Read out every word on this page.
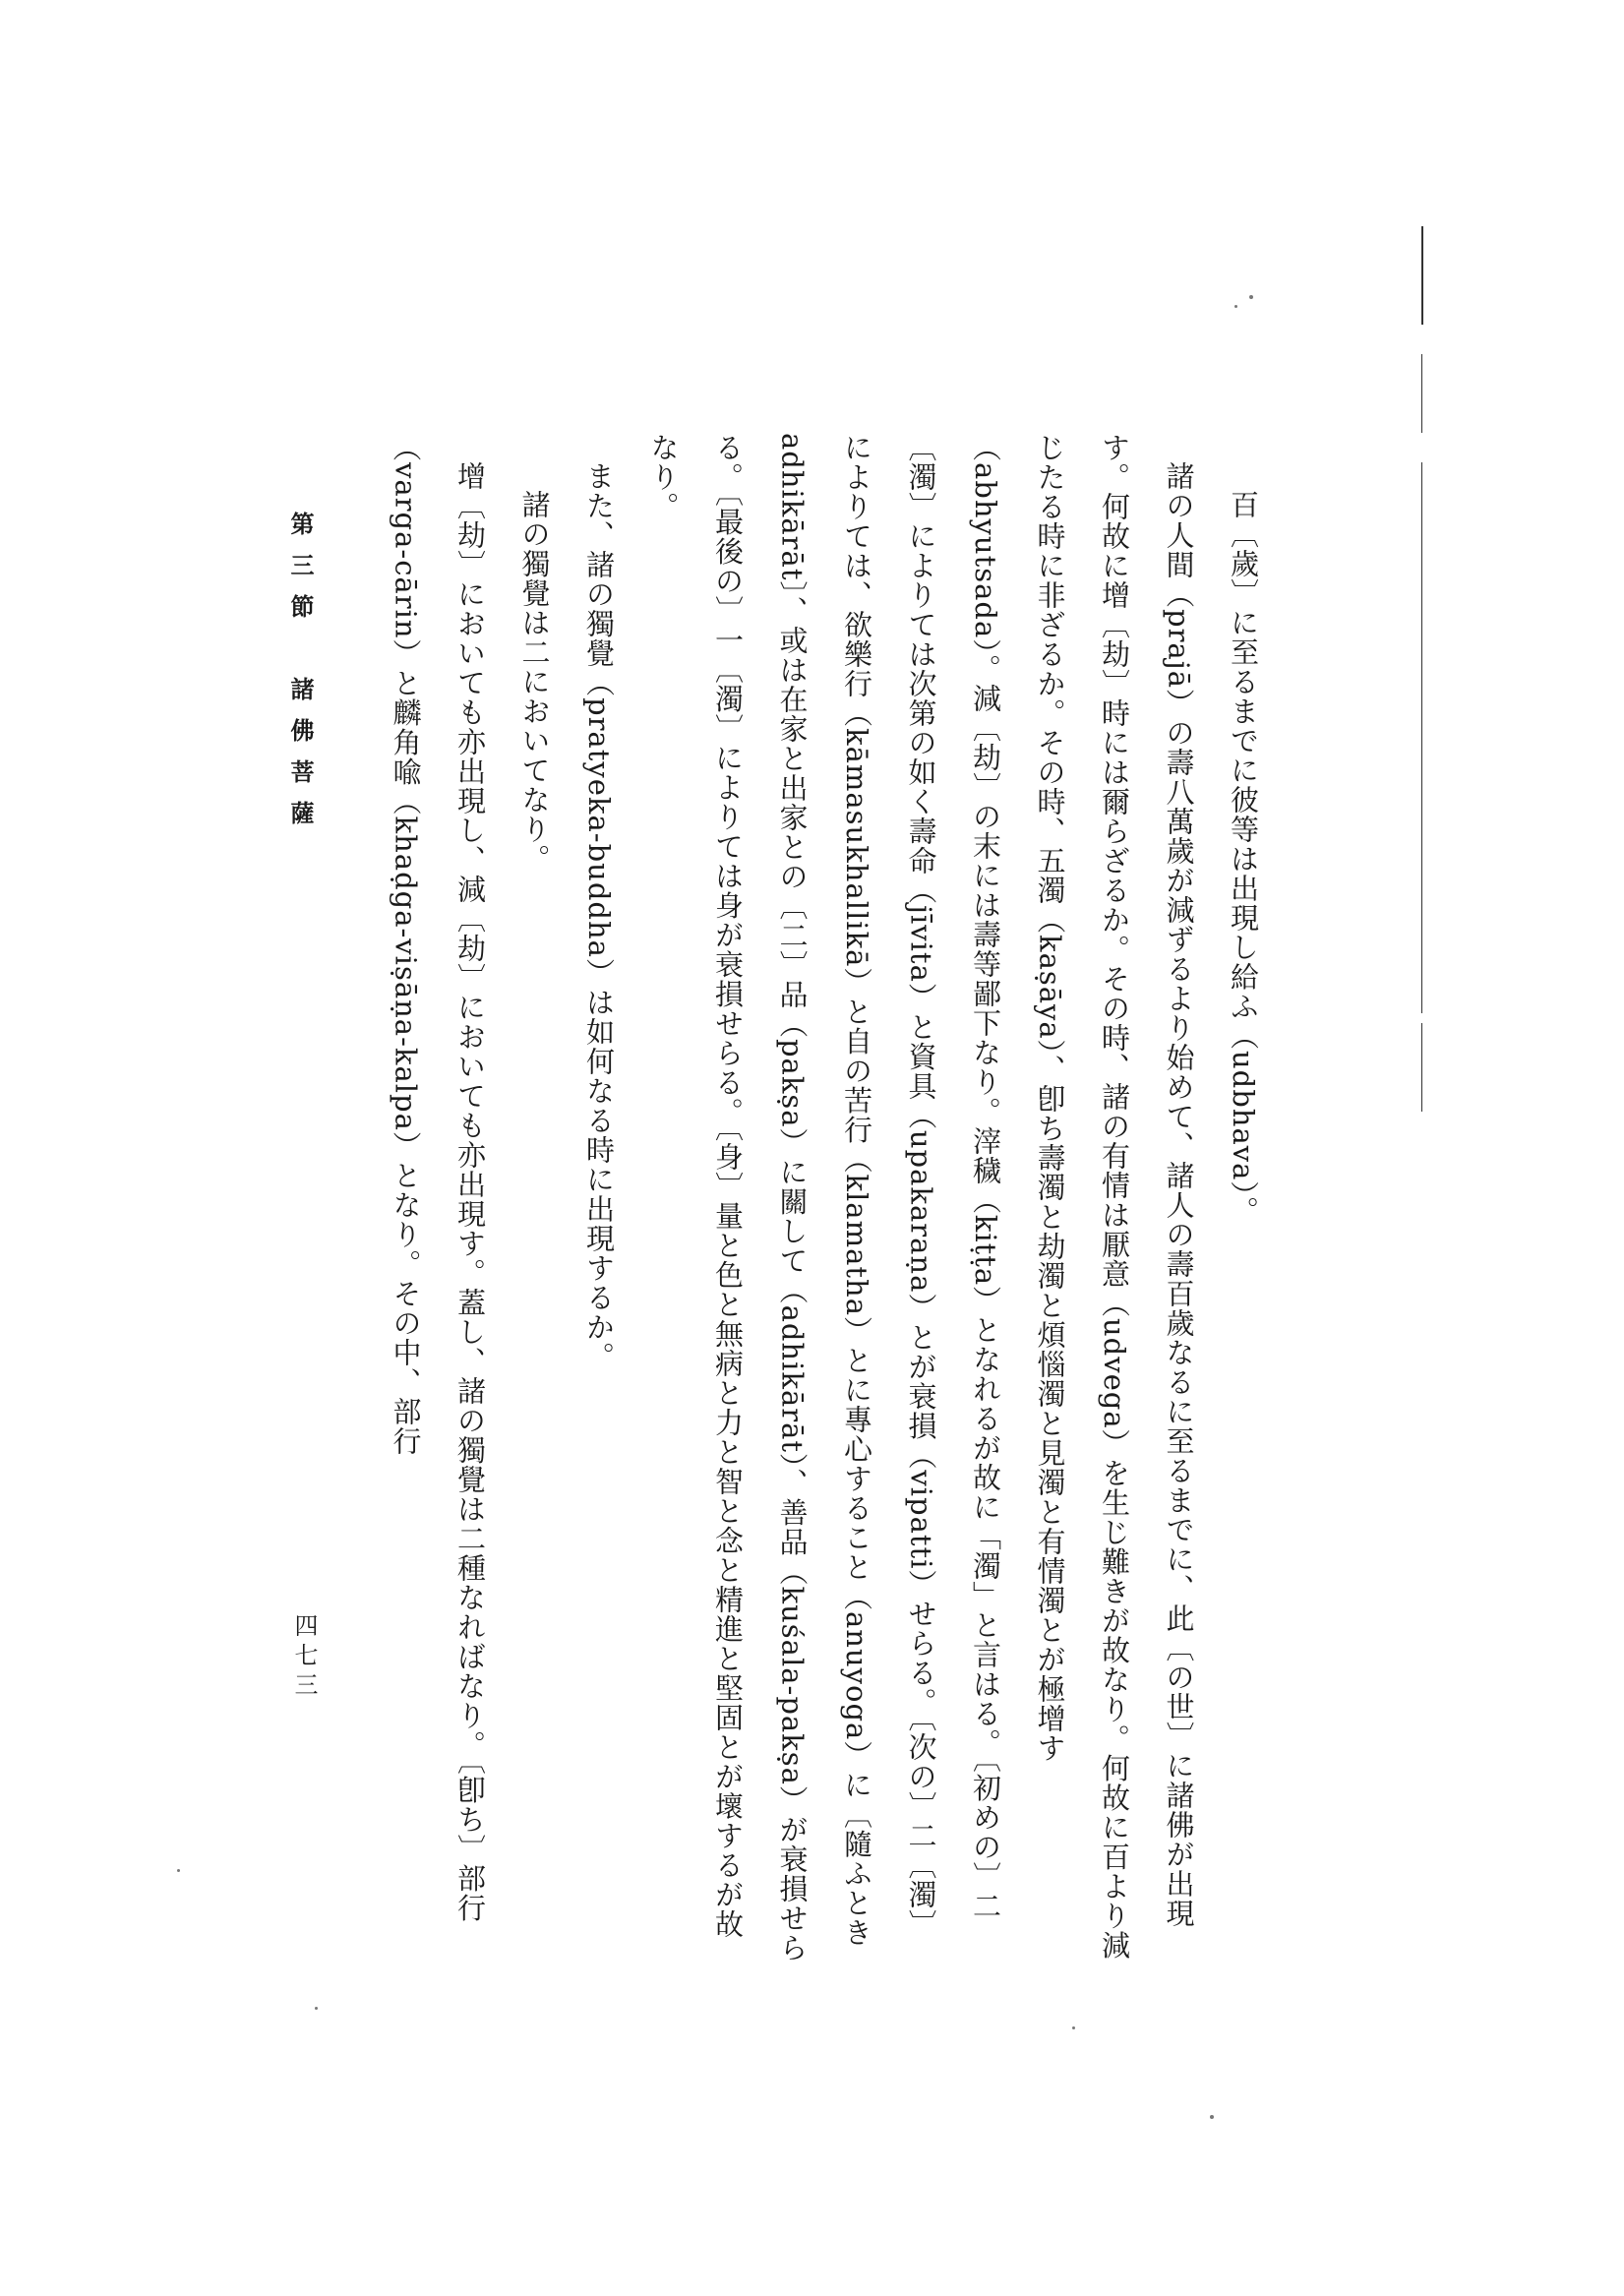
百〔歲〕に至るまでに彼等は出現し給ふ（udbhava）。

諸の人間（prajā）の壽八萬歲が減ずるより始めて、諸人の壽百歲なるに至るまでに、此〔の世〕に諸佛が出現す。何故に增〔劫〕時には爾らざるか。その時、諸の有情は厭意（udvega）を生じ難きが故なり。何故に百より減じたる時に非ざるか。その時、五濁（kaṣāya）、卽ち壽濁と劫濁と煩惱濁と見濁と有情濁とが極增す（abhyutsada）。減〔劫〕の末には壽等鄙下なり。滓穢（kiṭṭa）となれるが故に「濁」と言はる。〔初めの〕二〔濁〕によりては次第の如く壽命（jīvita）と資具（upakaraṇa）とが衰損（vipatti）せらる。〔次の〕二〔濁〕によりては、欲樂行（kāmasukhallikā）と自の苦行（klamatha）とに專心すること（anuyoga）に〔隨ふとき adhikārāt〕、或は在家と出家との〔二〕品（pakṣa）に關して（adhikārāt）、善品（kuśala-pakṣa）が衰損せらる。〔最後の〕一〔濁〕によりては身が衰損せらる。〔身〕量と色と無病と力と智と念と精進と堅固とが壞するが故なり。

また、諸の獨覺（pratyeka-buddha）は如何なる時に出現するか。

諸の獨覺は二においてなり。

增〔劫〕においても亦出現し、減〔劫〕においても亦出現す。蓋し、諸の獨覺は二種なればなり。〔卽ち〕部行（varga-cārin）と麟角喩（khaḍga-viṣāṇa-kalpa）となり。その中、部行

第三節　諸佛菩薩
四七三
